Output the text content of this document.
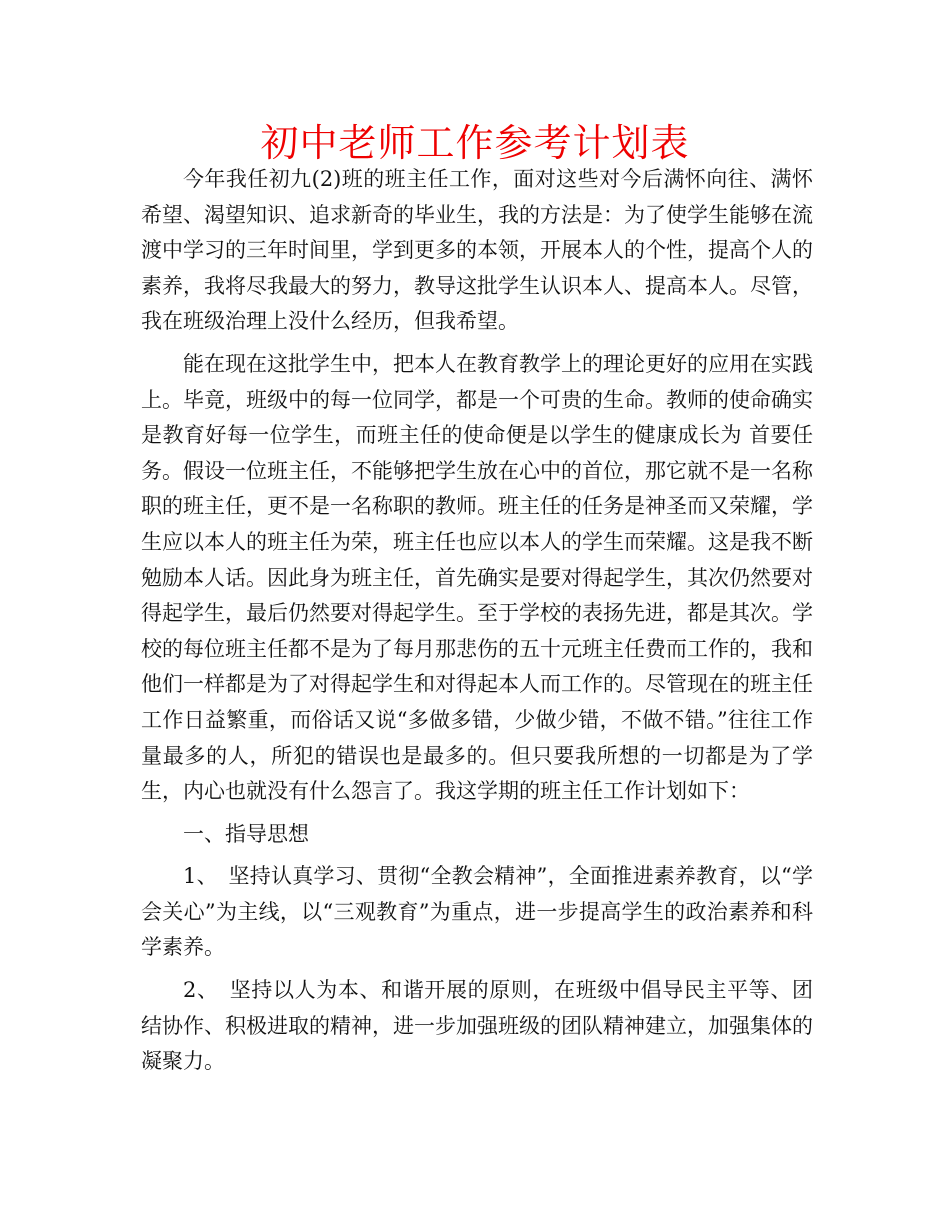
初中老师工作参考计划表

今年我任初九(2)班的班主任工作，面对这些对今后满怀向往、满怀希望、渴望知识、追求新奇的毕业生，我的方法是：为了使学生能够在流渡中学习的三年时间里，学到更多的本领，开展本人的个性，提高个人的素养，我将尽我最大的努力，教导这批学生认识本人、提高本人。尽管，我在班级治理上没什么经历，但我希望。

能在现在这批学生中，把本人在教育教学上的理论更好的应用在实践上。毕竟，班级中的每一位同学，都是一个可贵的生命。教师的使命确实是教育好每一位学生，而班主任的使命便是以学生的健康成长为 首要任务。假设一位班主任，不能够把学生放在心中的首位，那它就不是一名称职的班主任，更不是一名称职的教师。班主任的任务是神圣而又荣耀，学生应以本人的班主任为荣，班主任也应以本人的学生而荣耀。这是我不断勉励本人话。因此身为班主任，首先确实是要对得起学生，其次仍然要对得起学生，最后仍然要对得起学生。至于学校的表扬先进，都是其次。学校的每位班主任都不是为了每月那悲伤的五十元班主任费而工作的，我和他们一样都是为了对得起学生和对得起本人而工作的。尽管现在的班主任工作日益繁重，而俗话又说“多做多错，少做少错，不做不错。”往往工作量最多的人，所犯的错误也是最多的。但只要我所想的一切都是为了学生，内心也就没有什么怨言了。我这学期的班主任工作计划如下：

一、指导思想

1、　坚持认真学习、贯彻“全教会精神”，全面推进素养教育，以“学会关心”为主线，以“三观教育”为重点，进一步提高学生的政治素养和科学素养。

2、　坚持以人为本、和谐开展的原则，在班级中倡导民主平等、团结协作、积极进取的精神，进一步加强班级的团队精神建立，加强集体的凝聚力。
